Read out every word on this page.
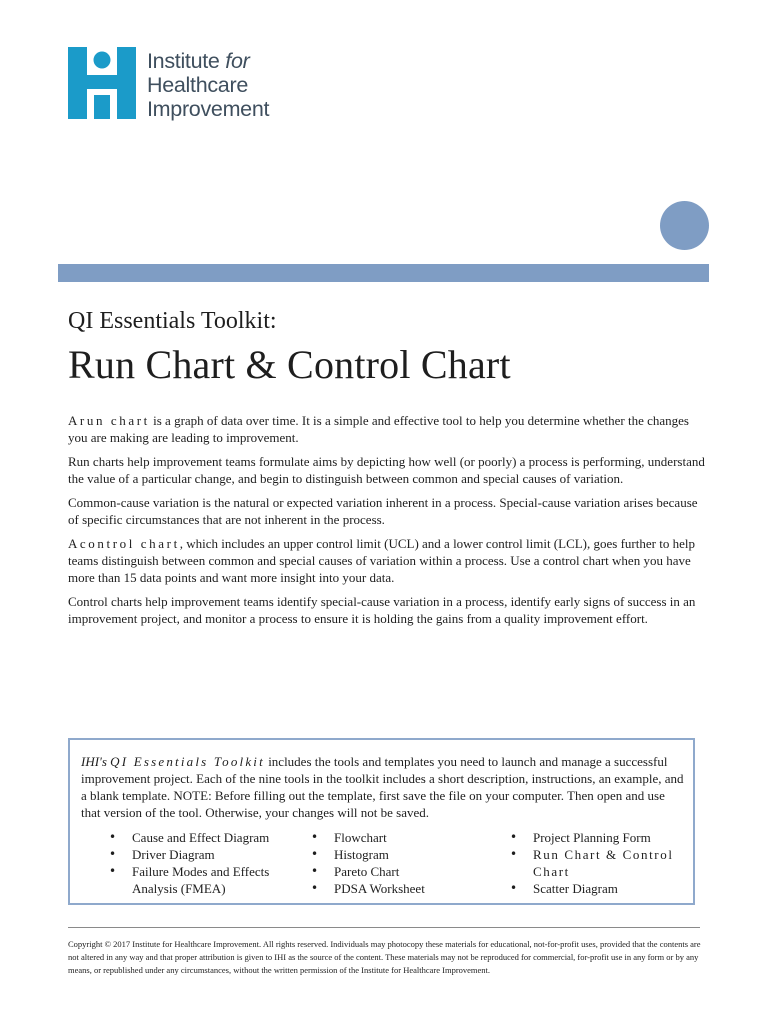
Institute for
Healthcare
Improvement
QI Essentials Toolkit:
Run Chart & Control Chart

A run chart is a graph of data over time. It is a simple and effective tool to help you determine whether the changes you are making are leading to improvement.

Run charts help improvement teams formulate aims by depicting how well (or poorly) a process is performing, understand the value of a particular change, and begin to distinguish between common and special causes of variation.

Common-cause variation is the natural or expected variation inherent in a process. Special-cause variation arises because of specific circumstances that are not inherent in the process.

A control chart, which includes an upper control limit (UCL) and a lower control limit (LCL), goes further to help teams distinguish between common and special causes of variation within a process. Use a control chart when you have more than 15 data points and want more insight into your data.

Control charts help improvement teams identify special-cause variation in a process, identify early signs of success in an improvement project, and monitor a process to ensure it is holding the gains from a quality improvement effort.

IHI's QI Essentials Toolkit includes the tools and templates you need to launch and manage a successful improvement project. Each of the nine tools in the toolkit includes a short description, instructions, an example, and a blank template. NOTE: Before filling out the template, first save the file on your computer. Then open and use that version of the tool. Otherwise, your changes will not be saved.
• Cause and Effect Diagram
• Driver Diagram
• Failure Modes and Effects Analysis (FMEA)
• Flowchart
• Histogram
• Pareto Chart
• PDSA Worksheet
• Project Planning Form
• Run Chart & Control Chart
• Scatter Diagram
Copyright © 2017 Institute for Healthcare Improvement. All rights reserved. Individuals may photocopy these materials for educational, not-for-profit uses, provided that the contents are not altered in any way and that proper attribution is given to IHI as the source of the content. These materials may not be reproduced for commercial, for-profit use in any form or by any means, or republished under any circumstances, without the written permission of the Institute for Healthcare Improvement.
